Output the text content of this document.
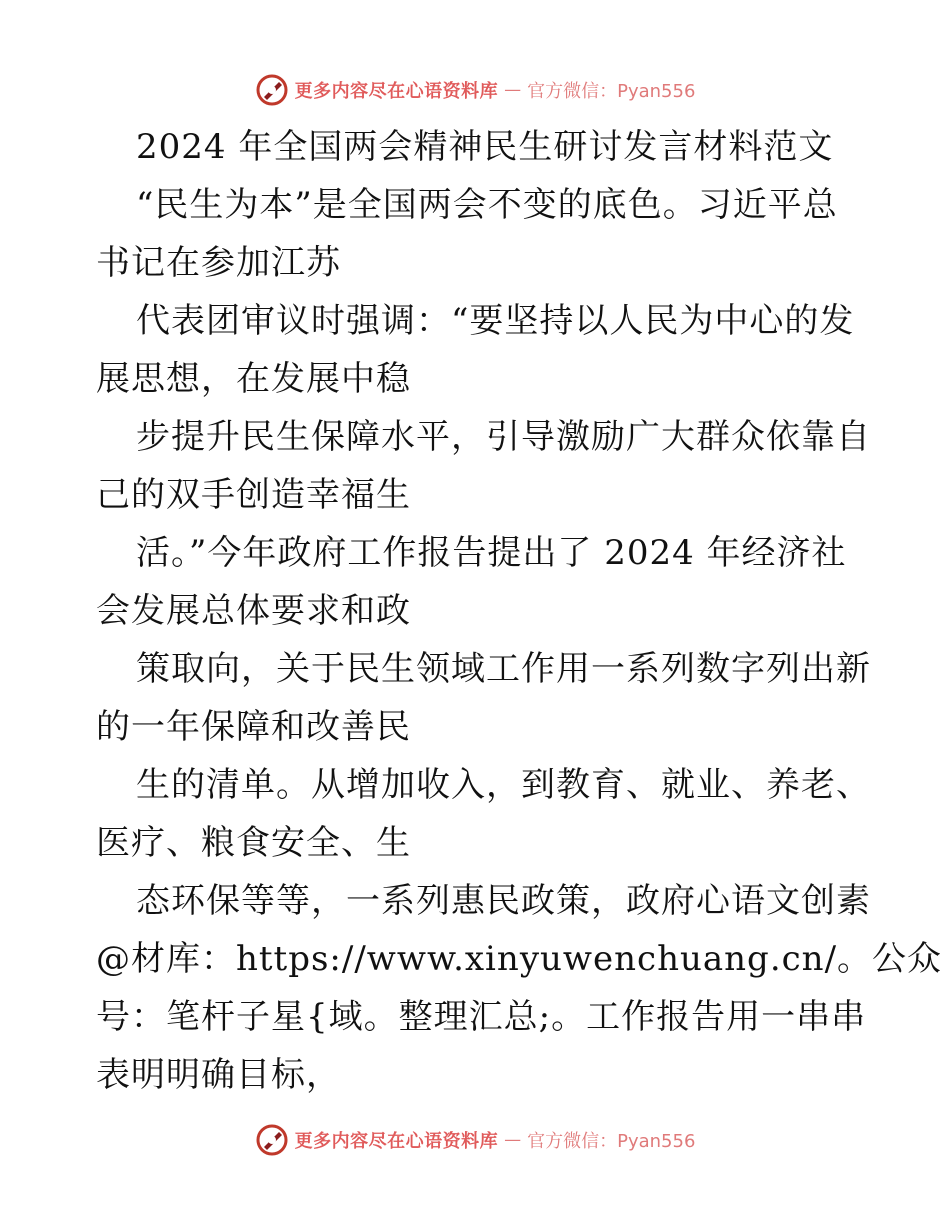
更多内容尽在心语资料库 — 官方微信：Pyan556
2024 年全国两会精神民生研讨发言材料范文
“民生为本”是全国两会不变的底色。习近平总
书记在参加江苏
代表团审议时强调：“要坚持以人民为中心的发
展思想，在发展中稳
步提升民生保障水平，引导激励广大群众依靠自
己的双手创造幸福生
活。”今年政府工作报告提出了 2024 年经济社
会发展总体要求和政
策取向，关于民生领域工作用一系列数字列出新
的一年保障和改善民
生的清单。从增加收入，到教育、就业、养老、
医疗、粮食安全、生
态环保等等，一系列惠民政策，政府心语文创素
@材库：https://www.xinyuwenchuang.cn/。公众
号：笔杆子星{域。整理汇总;。工作报告用一串串
表明明确目标，
更多内容尽在心语资料库 — 官方微信：Pyan556
